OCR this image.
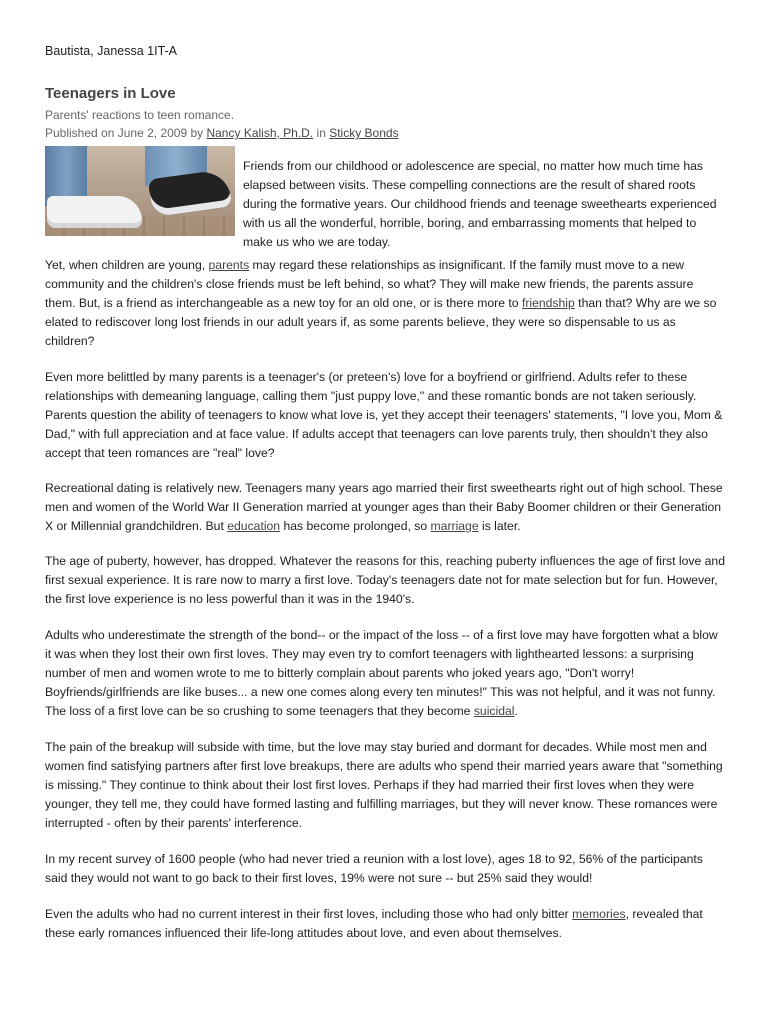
Bautista, Janessa 1IT-A
Teenagers in Love
Parents' reactions to teen romance.
Published on June 2, 2009 by Nancy Kalish, Ph.D. in Sticky Bonds

Friends from our childhood or adolescence are special, no matter how much time has elapsed between visits. These compelling connections are the result of shared roots during the formative years. Our childhood friends and teenage sweethearts experienced with us all the wonderful, horrible, boring, and embarrassing moments that helped to make us who we are today.

Yet, when children are young, parents may regard these relationships as insignificant. If the family must move to a new community and the children's close friends must be left behind, so what? They will make new friends, the parents assure them. But, is a friend as interchangeable as a new toy for an old one, or is there more to friendship than that? Why are we so elated to rediscover long lost friends in our adult years if, as some parents believe, they were so dispensable to us as children?

Even more belittled by many parents is a teenager's (or preteen's) love for a boyfriend or girlfriend. Adults refer to these relationships with demeaning language, calling them "just puppy love," and these romantic bonds are not taken seriously. Parents question the ability of teenagers to know what love is, yet they accept their teenagers' statements, "I love you, Mom & Dad," with full appreciation and at face value. If adults accept that teenagers can love parents truly, then shouldn't they also accept that teen romances are "real" love?

Recreational dating is relatively new. Teenagers many years ago married their first sweethearts right out of high school. These men and women of the World War II Generation married at younger ages than their Baby Boomer children or their Generation X or Millennial grandchildren. But education has become prolonged, so marriage is later.

The age of puberty, however, has dropped. Whatever the reasons for this, reaching puberty influences the age of first love and first sexual experience. It is rare now to marry a first love. Today's teenagers date not for mate selection but for fun. However, the first love experience is no less powerful than it was in the 1940's.

Adults who underestimate the strength of the bond-- or the impact of the loss -- of a first love may have forgotten what a blow it was when they lost their own first loves. They may even try to comfort teenagers with lighthearted lessons: a surprising number of men and women wrote to me to bitterly complain about parents who joked years ago, "Don't worry! Boyfriends/girlfriends are like buses... a new one comes along every ten minutes!" This was not helpful, and it was not funny. The loss of a first love can be so crushing to some teenagers that they become suicidal.

The pain of the breakup will subside with time, but the love may stay buried and dormant for decades. While most men and women find satisfying partners after first love breakups, there are adults who spend their married years aware that "something is missing." They continue to think about their lost first loves. Perhaps if they had married their first loves when they were younger, they tell me, they could have formed lasting and fulfilling marriages, but they will never know. These romances were interrupted - often by their parents' interference.

In my recent survey of 1600 people (who had never tried a reunion with a lost love), ages 18 to 92, 56% of the participants said they would not want to go back to their first loves, 19% were not sure -- but 25% said they would!

Even the adults who had no current interest in their first loves, including those who had only bitter memories, revealed that these early romances influenced their life-long attitudes about love, and even about themselves.
